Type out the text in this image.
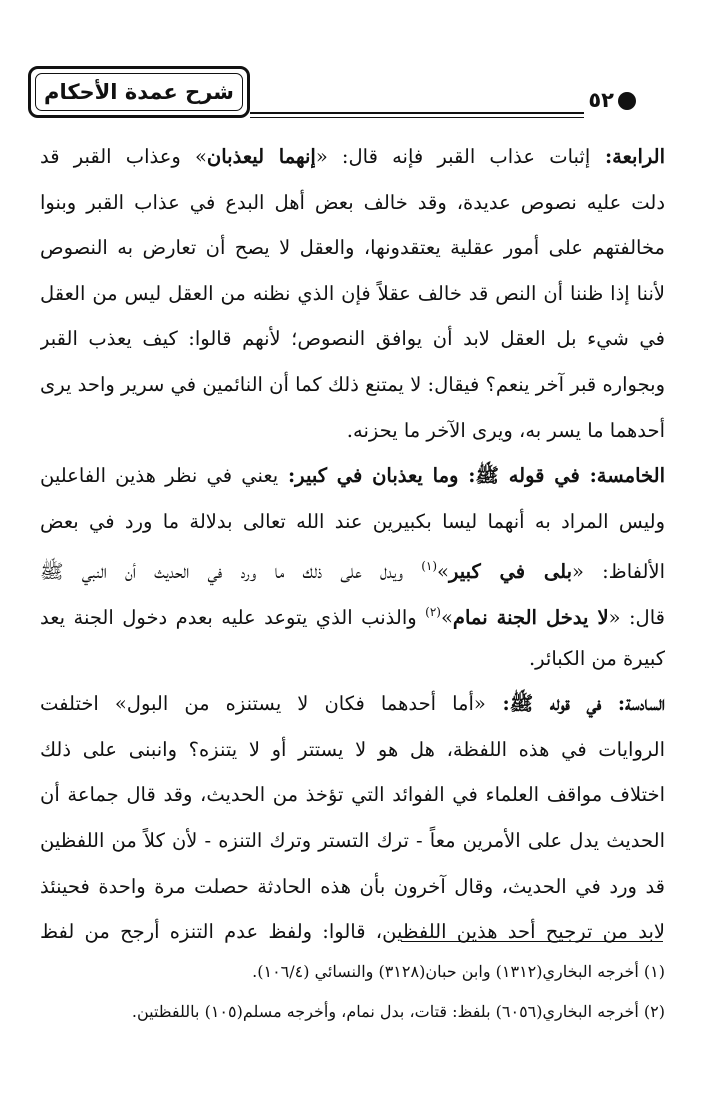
شرح عمدة الأحكام	٥٢
الرابعة: إثبات عذاب القبر فإنه قال: «إنهما ليعذبان» وعذاب القبر قد
دلت عليه نصوص عديدة، وقد خالف بعض أهل البدع في عذاب القبر وبنوا
مخالفتهم على أمور عقلية يعتقدونها، والعقل لا يصح أن تعارض به النصوص
لأننا إذا ظننا أن النص قد خالف عقلاً فإن الذي نظنه من العقل ليس من العقل
في شيء بل العقل لابد أن يوافق النصوص؛ لأنهم قالوا: كيف يعذب القبر
وبجواره قبر آخر ينعم؟ فيقال: لا يمتنع ذلك كما أن النائمين في سرير واحد يرى
أحدهما ما يسر به، ويرى الآخر ما يحزنه.
الخامسة: في قوله ﷺ: وما يعذبان في كبير: يعني في نظر هذين الفاعلين
وليس المراد به أنهما ليسا بكبيرين عند الله تعالى بدلالة ما ورد في بعض
الألفاظ: «بلى في كبير»$^{(١)}$ ويدل على ذلك ما ورد في الحديث أن النبي ﷺ
قال: «لا يدخل الجنة نمام»$^{(٢)}$ والذنب الذي يتوعد عليه بعدم دخول الجنة يعد
كبيرة من الكبائر.
السادسة: في قوله ﷺ: «أما أحدهما فكان لا يستنزه من البول» اختلفت
الروايات في هذه اللفظة، هل هو لا يستتر أو لا يتنزه؟ وانبنى على ذلك
اختلاف مواقف العلماء في الفوائد التي تؤخذ من الحديث، وقد قال جماعة أن
الحديث يدل على الأمرين معاً - ترك التستر وترك التنزه - لأن كلاً من اللفظين
قد ورد في الحديث، وقال آخرون بأن هذه الحادثة حصلت مرة واحدة فحينئذ
لابد من ترجيح أحد هذين اللفظين، قالوا: ولفظ عدم التنزه أرجح من لفظ
(١) أخرجه البخاري(١٣١٢) وابن حبان(٣١٢٨) والنسائي (١٠٦/٤).
(٢) أخرجه البخاري(٦٠٥٦) بلفظ: قتات، بدل نمام، وأخرجه مسلم(١٠٥) باللفظتين.
